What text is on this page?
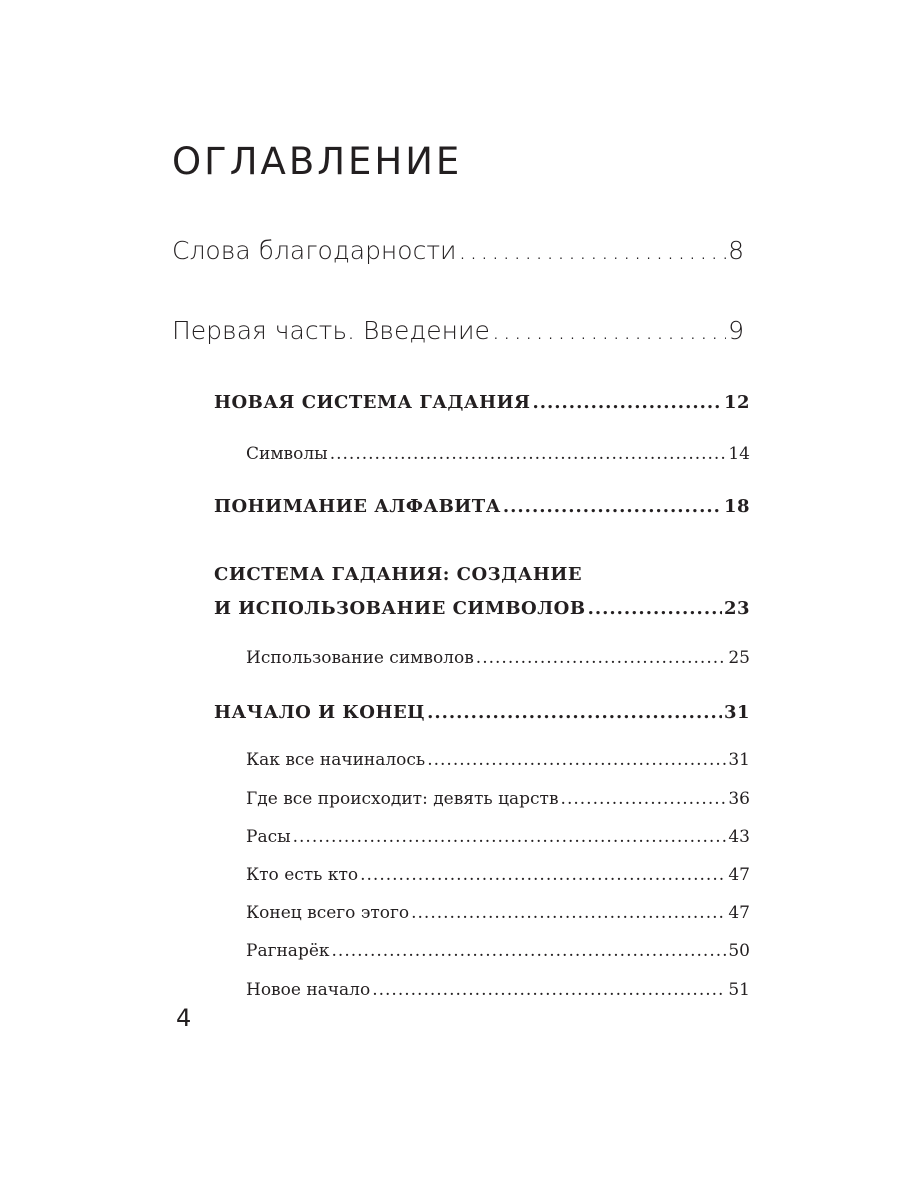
ОГЛАВЛЕНИЕ
Слова благодарности .....	8
Первая часть. Введение .....	9
НОВАЯ СИСТЕМА ГАДАНИЯ .....	12
Символы .....	14
ПОНИМАНИЕ АЛФАВИТА .....	18
СИСТЕМА ГАДАНИЯ: СОЗДАНИЕ
И ИСПОЛЬЗОВАНИЕ СИМВОЛОВ .....	23
Использование символов .....	25
НАЧАЛО И КОНЕЦ .....	31
Как все начиналось .....	31
Где все происходит: девять царств .....	36
Расы .....	43
Кто есть кто .....	47
Конец всего этого .....	47
Рагнарёк .....	50
Новое начало .....	51
4
